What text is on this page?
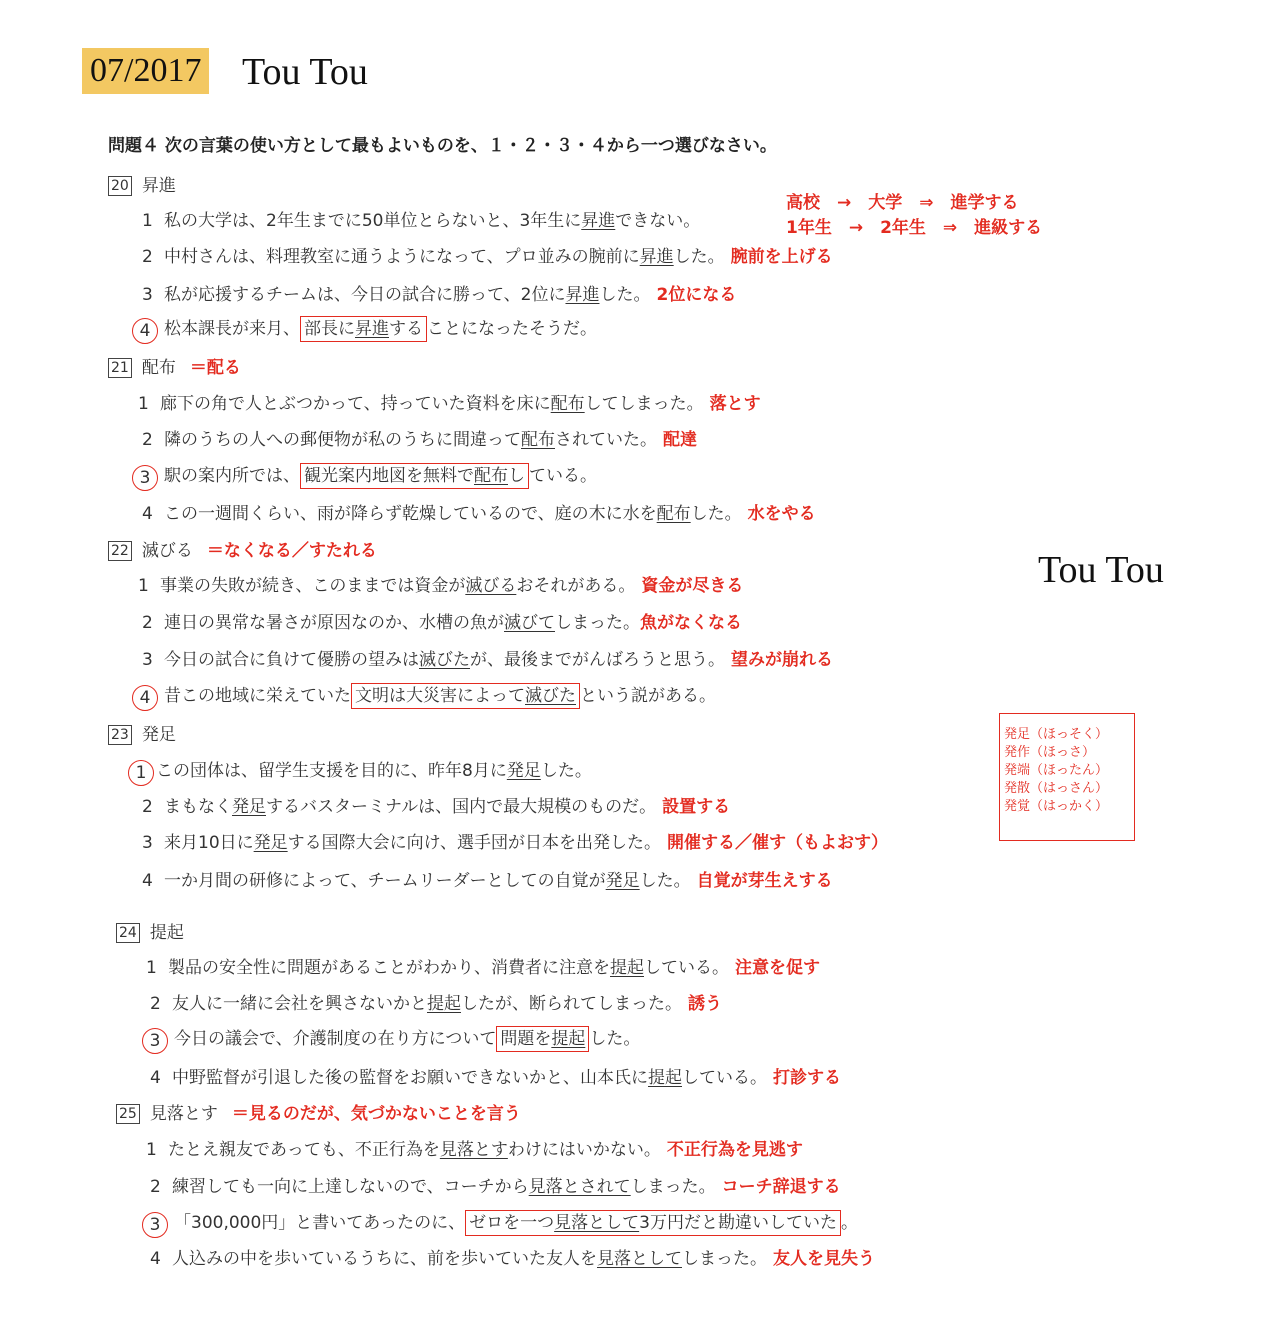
07/2017 Tou Tou
Tou Tou
問題４ 次の言葉の使い方として最もよいものを、１・２・３・４から一つ選びなさい。
20 昇進
1 私の大学は、2年生までに50単位とらないと、3年生に昇進できない。
高校　→　大学　⇒　進学する
1年生　→　2年生　⇒　進級する
2 中村さんは、料理教室に通うようになって、プロ並みの腕前に昇進した。 腕前を上げる
3 私が応援するチームは、今日の試合に勝って、2位に昇進した。 2位になる
4 松本課長が来月、 部長に昇進する ことになったそうだ。
21 配布 ＝配る
1 廊下の角で人とぶつかって、持っていた資料を床に配布してしまった。 落とす
2 隣のうちの人への郵便物が私のうちに間違って配布されていた。 配達
3 駅の案内所では、 観光案内地図を無料で配布し ている。
4 この一週間くらい、雨が降らず乾燥しているので、庭の木に水を配布した。 水をやる
22 滅びる ＝なくなる／すたれる
1 事業の失敗が続き、このままでは資金が滅びるおそれがある。 資金が尽きる
2 連日の異常な暑さが原因なのか、水槽の魚が滅びてしまった。魚がなくなる
3 今日の試合に負けて優勝の望みは滅びたが、最後までがんばろうと思う。 望みが崩れる
4 昔この地域に栄えていた 文明は大災害によって滅びた という説がある。
23 発足
1 この団体は、留学生支援を目的に、昨年8月に発足した。
2 まもなく発足するバスターミナルは、国内で最大規模のものだ。 設置する
3 来月10日に発足する国際大会に向け、選手団が日本を出発した。 開催する／催す（もよおす）
4 一か月間の研修によって、チームリーダーとしての自覚が発足した。 自覚が芽生えする
発足（ほっそく）
発作（ほっさ）
発端（ほったん）
発散（はっさん）
発覚（はっかく）
24 提起
1 製品の安全性に問題があることがわかり、消費者に注意を提起している。 注意を促す
2 友人に一緒に会社を興さないかと提起したが、断られてしまった。 誘う
3 今日の議会で、介護制度の在り方について 問題を提起 した。
4 中野監督が引退した後の監督をお願いできないかと、山本氏に提起している。 打診する
25 見落とす ＝見るのだが、気づかないことを言う
1 たとえ親友であっても、不正行為を見落とすわけにはいかない。 不正行為を見逃す
2 練習しても一向に上達しないので、コーチから見落とされてしまった。 コーチ辞退する
3 「300,000円」と書いてあったのに、 ゼロを一つ見落として3万円だと勘違いしていた 。
4 人込みの中を歩いているうちに、前を歩いていた友人を見落としてしまった。 友人を見失う
